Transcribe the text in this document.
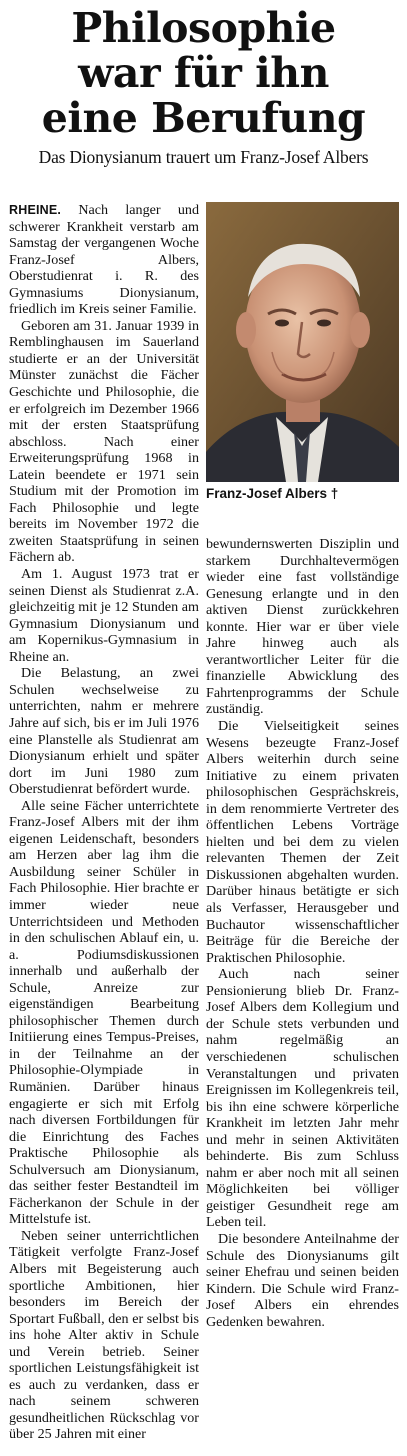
Philosophie
war für ihn
eine Berufung
Das Dionysianum trauert um Franz-Josef Albers

RHEINE. Nach langer und schwerer Krankheit verstarb am Samstag der vergangenen Woche Franz-Josef Albers, Oberstudienrat i. R. des Gymnasiums Dionysianum, friedlich im Kreis seiner Familie.

Geboren am 31. Januar 1939 in Remblinghausen im Sauerland studierte er an der Universität Münster zunächst die Fächer Geschichte und Philosophie, die er erfolgreich im Dezember 1966 mit der ersten Staatsprüfung abschloss. Nach einer Erweiterungsprüfung 1968 in Latein beendete er 1971 sein Studium mit der Promotion im Fach Philosophie und legte bereits im November 1972 die zweiten Staatsprüfung in seinen Fächern ab.

Am 1. August 1973 trat er seinen Dienst als Studienrat z.A. gleichzeitig mit je 12 Stunden am Gymnasium Dionysianum und am Kopernikus-Gymnasium in Rheine an.

Die Belastung, an zwei Schulen wechselweise zu unterrichten, nahm er mehrere Jahre auf sich, bis er im Juli 1976 eine Planstelle als Studienrat am Dionysianum erhielt und später dort im Juni 1980 zum Oberstudienrat befördert wurde.

Alle seine Fächer unterrichtete Franz-Josef Albers mit der ihm eigenen Leidenschaft, besonders am Herzen aber lag ihm die Ausbildung seiner Schüler in Fach Philosophie. Hier brachte er immer wieder neue Unterrichtsideen und Methoden in den schulischen Ablauf ein, u. a. Podiumsdiskussionen innerhalb und außerhalb der Schule, Anreize zur eigenständigen Bearbeitung philosophischer Themen durch Initiierung eines Tempus-Preises, in der Teilnahme an der Philosophie-Olympiade in Rumänien. Darüber hinaus engagierte er sich mit Erfolg nach diversen Fortbildungen für die Einrichtung des Faches Praktische Philosophie als Schulversuch am Dionysianum, das seither fester Bestandteil im Fächerkanon der Schule in der Mittelstufe ist.

Neben seiner unterrichtlichen Tätigkeit verfolgte Franz-Josef Albers mit Begeisterung auch sportliche Ambitionen, hier besonders im Bereich der Sportart Fußball, den er selbst bis ins hohe Alter aktiv in Schule und Verein betrieb. Seiner sportlichen Leistungsfähigkeit ist es auch zu verdanken, dass er nach seinem schweren gesundheitlichen Rückschlag vor über 25 Jahren mit einer

Franz-Josef Albers †

bewundernswerten Disziplin und starkem Durchhaltevermögen wieder eine fast vollständige Genesung erlangte und in den aktiven Dienst zurückkehren konnte. Hier war er über viele Jahre hinweg auch als verantwortlicher Leiter für die finanzielle Abwicklung des Fahrtenprogramms der Schule zuständig.

Die Vielseitigkeit seines Wesens bezeugte Franz-Josef Albers weiterhin durch seine Initiative zu einem privaten philosophischen Gesprächskreis, in dem renommierte Vertreter des öffentlichen Lebens Vorträge hielten und bei dem zu vielen relevanten Themen der Zeit Diskussionen abgehalten wurden. Darüber hinaus betätigte er sich als Verfasser, Herausgeber und Buchautor wissenschaftlicher Beiträge für die Bereiche der Praktischen Philosophie.

Auch nach seiner Pensionierung blieb Dr. Franz-Josef Albers dem Kollegium und der Schule stets verbunden und nahm regelmäßig an verschiedenen schulischen Veranstaltungen und privaten Ereignissen im Kollegenkreis teil, bis ihn eine schwere körperliche Krankheit im letzten Jahr mehr und mehr in seinen Aktivitäten behinderte. Bis zum Schluss nahm er aber noch mit all seinen Möglichkeiten bei völliger geistiger Gesundheit rege am Leben teil.

Die besondere Anteilnahme der Schule des Dionysianums gilt seiner Ehefrau und seinen beiden Kindern. Die Schule wird Franz-Josef Albers ein ehrendes Gedenken bewahren.
